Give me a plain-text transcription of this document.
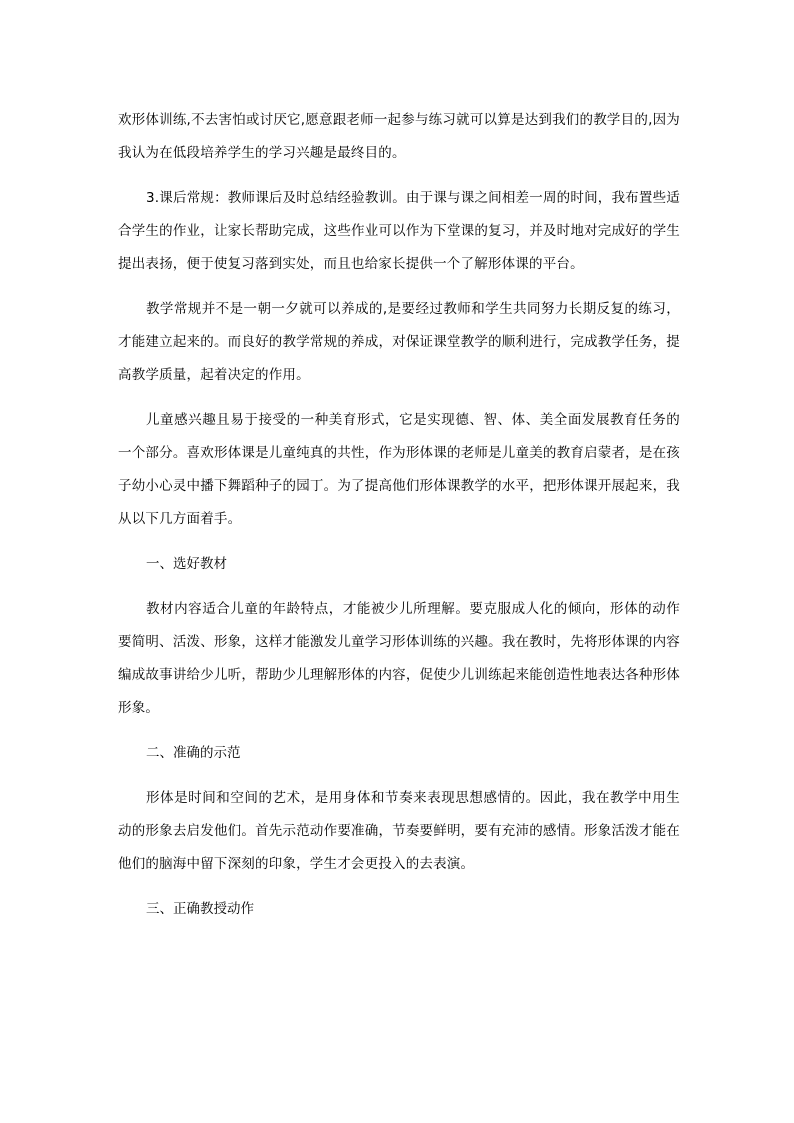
欢形体训练,不去害怕或讨厌它,愿意跟老师一起参与练习就可以算是达到我们的教学目的,因为我认为在低段培养学生的学习兴趣是最终目的。

3.课后常规：教师课后及时总结经验教训。由于课与课之间相差一周的时间，我布置些适合学生的作业，让家长帮助完成，这些作业可以作为下堂课的复习，并及时地对完成好的学生提出表扬，便于使复习落到实处，而且也给家长提供一个了解形体课的平台。

教学常规并不是一朝一夕就可以养成的,是要经过教师和学生共同努力长期反复的练习，才能建立起来的。而良好的教学常规的养成，对保证课堂教学的顺利进行，完成教学任务，提高教学质量，起着决定的作用。

儿童感兴趣且易于接受的一种美育形式，它是实现德、智、体、美全面发展教育任务的一个部分。喜欢形体课是儿童纯真的共性，作为形体课的老师是儿童美的教育启蒙者，是在孩子幼小心灵中播下舞蹈种子的园丁。为了提高他们形体课教学的水平，把形体课开展起来，我从以下几方面着手。

一、选好教材

教材内容适合儿童的年龄特点，才能被少儿所理解。要克服成人化的倾向，形体的动作要简明、活泼、形象，这样才能激发儿童学习形体训练的兴趣。我在教时，先将形体课的内容编成故事讲给少儿听，帮助少儿理解形体的内容，促使少儿训练起来能创造性地表达各种形体形象。

二、准确的示范

形体是时间和空间的艺术，是用身体和节奏来表现思想感情的。因此，我在教学中用生动的形象去启发他们。首先示范动作要准确，节奏要鲜明，要有充沛的感情。形象活泼才能在他们的脑海中留下深刻的印象，学生才会更投入的去表演。

三、正确教授动作
